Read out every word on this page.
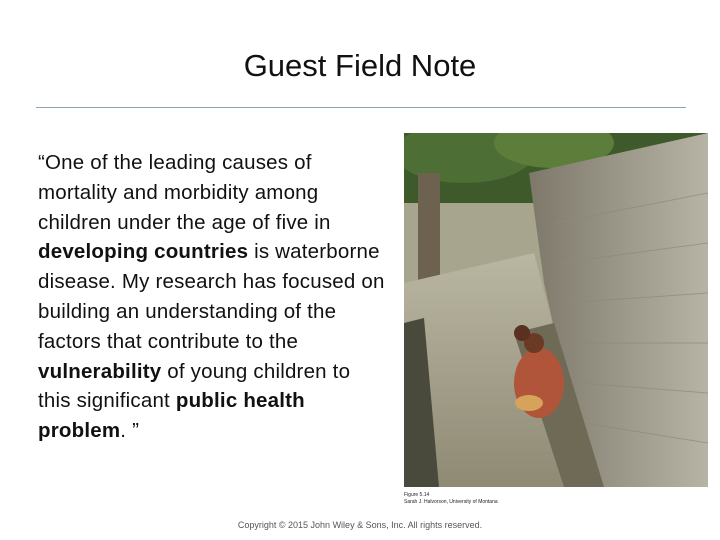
Guest Field Note
“One of the leading causes of mortality and morbidity among children under the age of five in developing countries is waterborne disease. My research has focused on building an understanding of the factors that contribute to the vulnerability of young children to this significant public health problem. ”
Figure 5.14
Sarah J. Halvorson, University of Montana
Copyright © 2015 John Wiley & Sons, Inc. All rights reserved.
